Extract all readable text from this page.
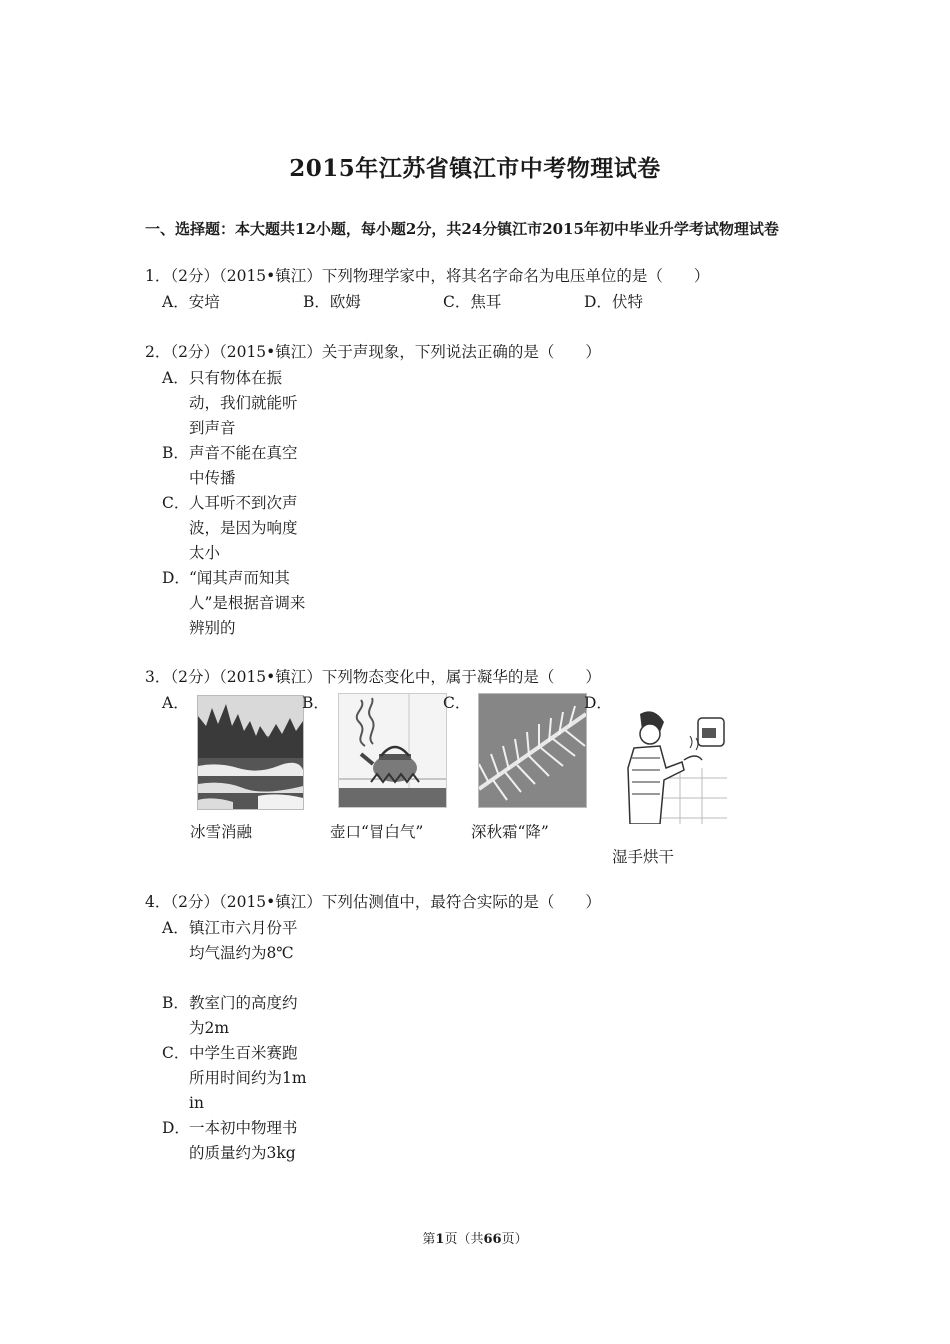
2015年江苏省镇江市中考物理试卷
一、选择题：本大题共12小题，每小题2分，共24分镇江市2015年初中毕业升学考试物理试卷
1．（2分）（2015•镇江）下列物理学家中，将其名字命名为电压单位的是（　　）
A．安培	B．欧姆	C．焦耳	D．伏特
2．（2分）（2015•镇江）关于声现象，下列说法正确的是（　　）
A． 只有物体在振动，我们就能听到声音
B． 声音不能在真空中传播
C． 人耳听不到次声波，是因为响度太小
D． “闻其声而知其人”是根据音调来辨别的
3．（2分）（2015•镇江）下列物态变化中，属于凝华的是（　　）
A．
冰雪消融
B．
壶口“冒白气”
C．
深秋霜“降”
D．
湿手烘干
4．（2分）（2015•镇江）下列估测值中，最符合实际的是（　　）
A． 镇江市六月份平均气温约为8℃
B． 教室门的高度约为2m
C． 中学生百米赛跑所用时间约为1min
D． 一本初中物理书的质量约为3kg
第1页（共66页）
